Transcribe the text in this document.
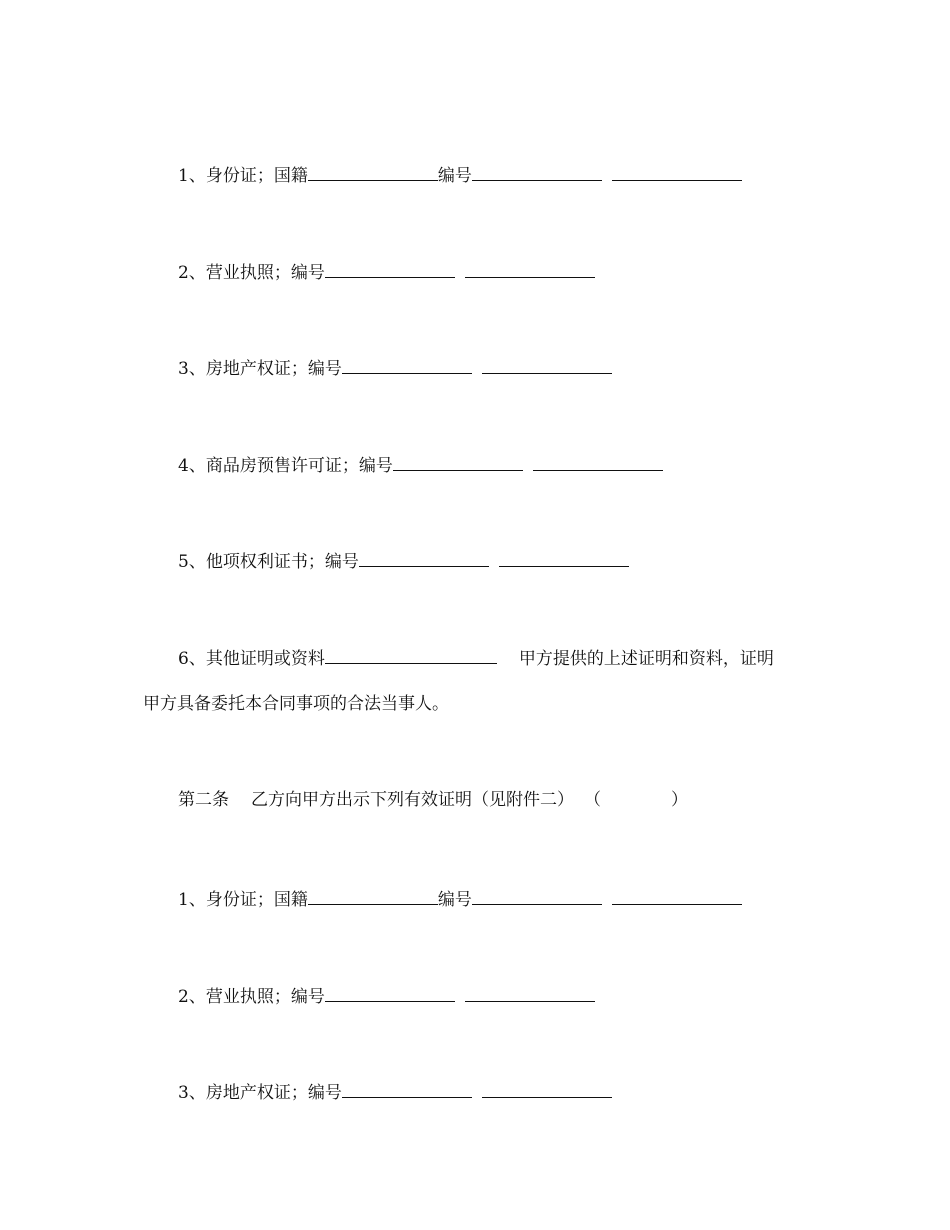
1、身份证；国籍	编号
2、营业执照；编号
3、房地产权证；编号
4、商品房预售许可证；编号
5、他项权利证书；编号
6、其他证明或资料	甲方提供的上述证明和资料，证明
甲方具备委托本合同事项的合法当事人。
第二条 乙方向甲方出示下列有效证明（见附件二） （	）
1、身份证；国籍	编号
2、营业执照；编号
3、房地产权证；编号
